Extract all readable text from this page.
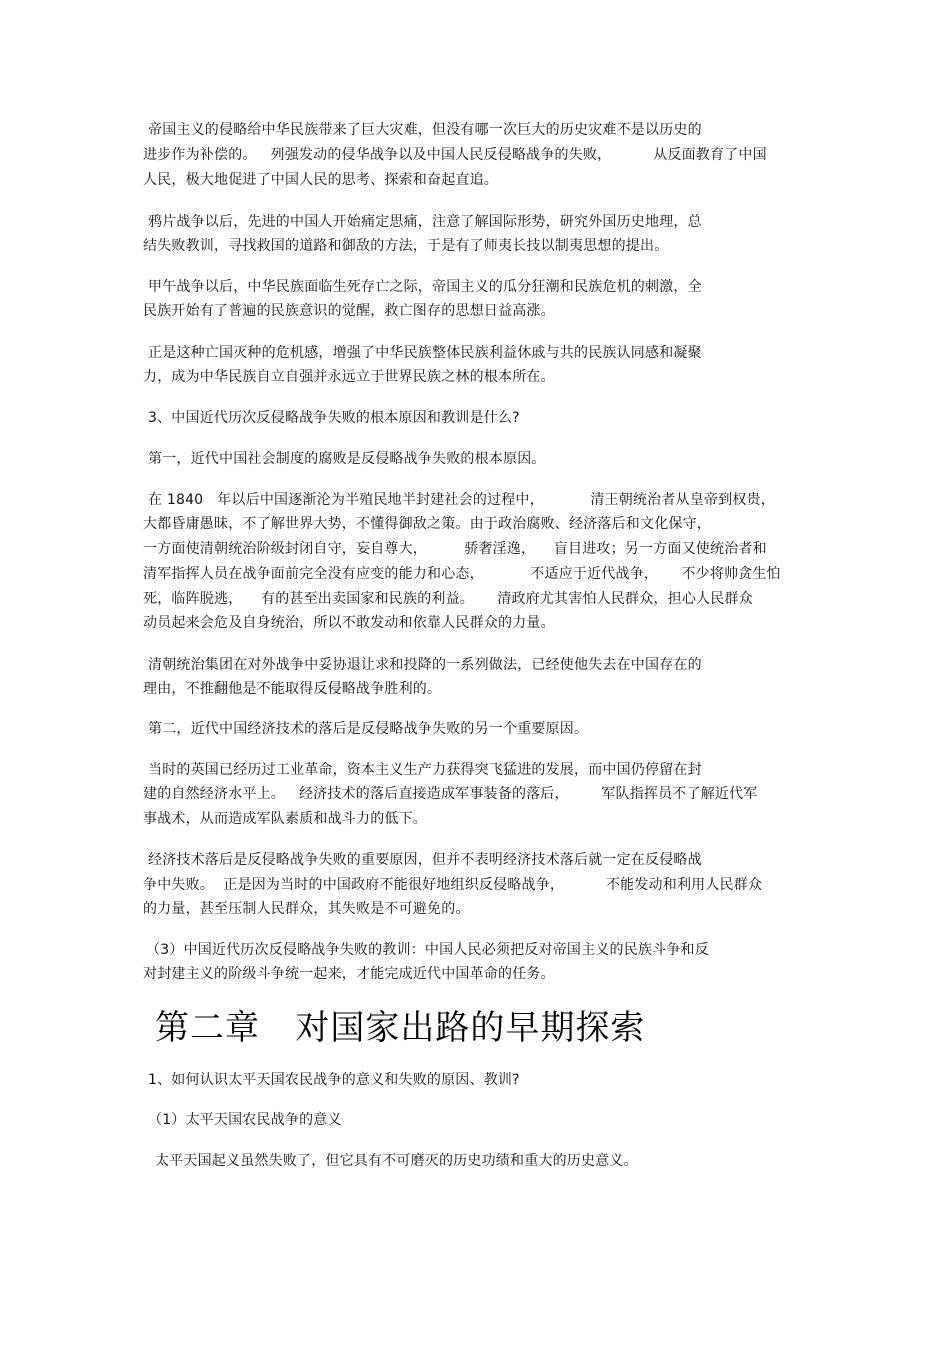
帝国主义的侵略给中华民族带来了巨大灾难，但没有哪一次巨大的历史灾难不是以历史的
进步作为补偿的。   列强发动的侵华战争以及中国人民反侵略战争的失败，         从反面教育了中国
人民，极大地促进了中国人民的思考、探索和奋起直追。
鸦片战争以后，先进的中国人开始痛定思痛，注意了解国际形势，研究外国历史地理，总
结失败教训，寻找救国的道路和御敌的方法，于是有了师夷长技以制夷思想的提出。
甲午战争以后，中华民族面临生死存亡之际，帝国主义的瓜分狂潮和民族危机的刺激，全
民族开始有了普遍的民族意识的觉醒，救亡图存的思想日益高涨。
正是这种亡国灭种的危机感，增强了中华民族整体民族利益休戚与共的民族认同感和凝聚
力，成为中华民族自立自强并永远立于世界民族之林的根本所在。
3、中国近代历次反侵略战争失败的根本原因和教训是什么?
第一，近代中国社会制度的腐败是反侵略战争失败的根本原因。
在 1840   年以后中国逐渐沦为半殖民地半封建社会的过程中，          清王朝统治者从皇帝到权贵，
大都昏庸愚昧，不了解世界大势，不懂得御敌之策。由于政治腐败、经济落后和文化保守，
一方面使清朝统治阶级封闭自守，妄自尊大，        骄奢淫逸，    盲目进攻；另一方面又使统治者和
清军指挥人员在战争面前完全没有应变的能力和心态，          不适应于近代战争，     不少将帅贪生怕
死，临阵脱逃，    有的甚至出卖国家和民族的利益。     清政府尤其害怕人民群众，担心人民群众
动员起来会危及自身统治，所以不敢发动和依靠人民群众的力量。
清朝统治集团在对外战争中妥协退让求和投降的一系列做法，已经使他失去在中国存在的
理由，不推翻他是不能取得反侵略战争胜利的。
第二，近代中国经济技术的落后是反侵略战争失败的另一个重要原因。
当时的英国已经历过工业革命，资本主义生产力获得突飞猛进的发展，而中国仍停留在封
建的自然经济水平上。   经济技术的落后直接造成军事装备的落后，       军队指挥员不了解近代军
事战术，从而造成军队素质和战斗力的低下。
经济技术落后是反侵略战争失败的重要原因，但并不表明经济技术落后就一定在反侵略战
争中失败。  正是因为当时的中国政府不能很好地组织反侵略战争，         不能发动和利用人民群众
的力量，甚至压制人民群众，其失败是不可避免的。
（3）中国近代历次反侵略战争失败的教训：中国人民必须把反对帝国主义的民族斗争和反
对封建主义的阶级斗争统一起来，才能完成近代中国革命的任务。
第二章   对国家出路的早期探索
1、如何认识太平天国农民战争的意义和失败的原因、教训?
（1）太平天国农民战争的意义
太平天国起义虽然失败了，但它具有不可磨灭的历史功绩和重大的历史意义。
